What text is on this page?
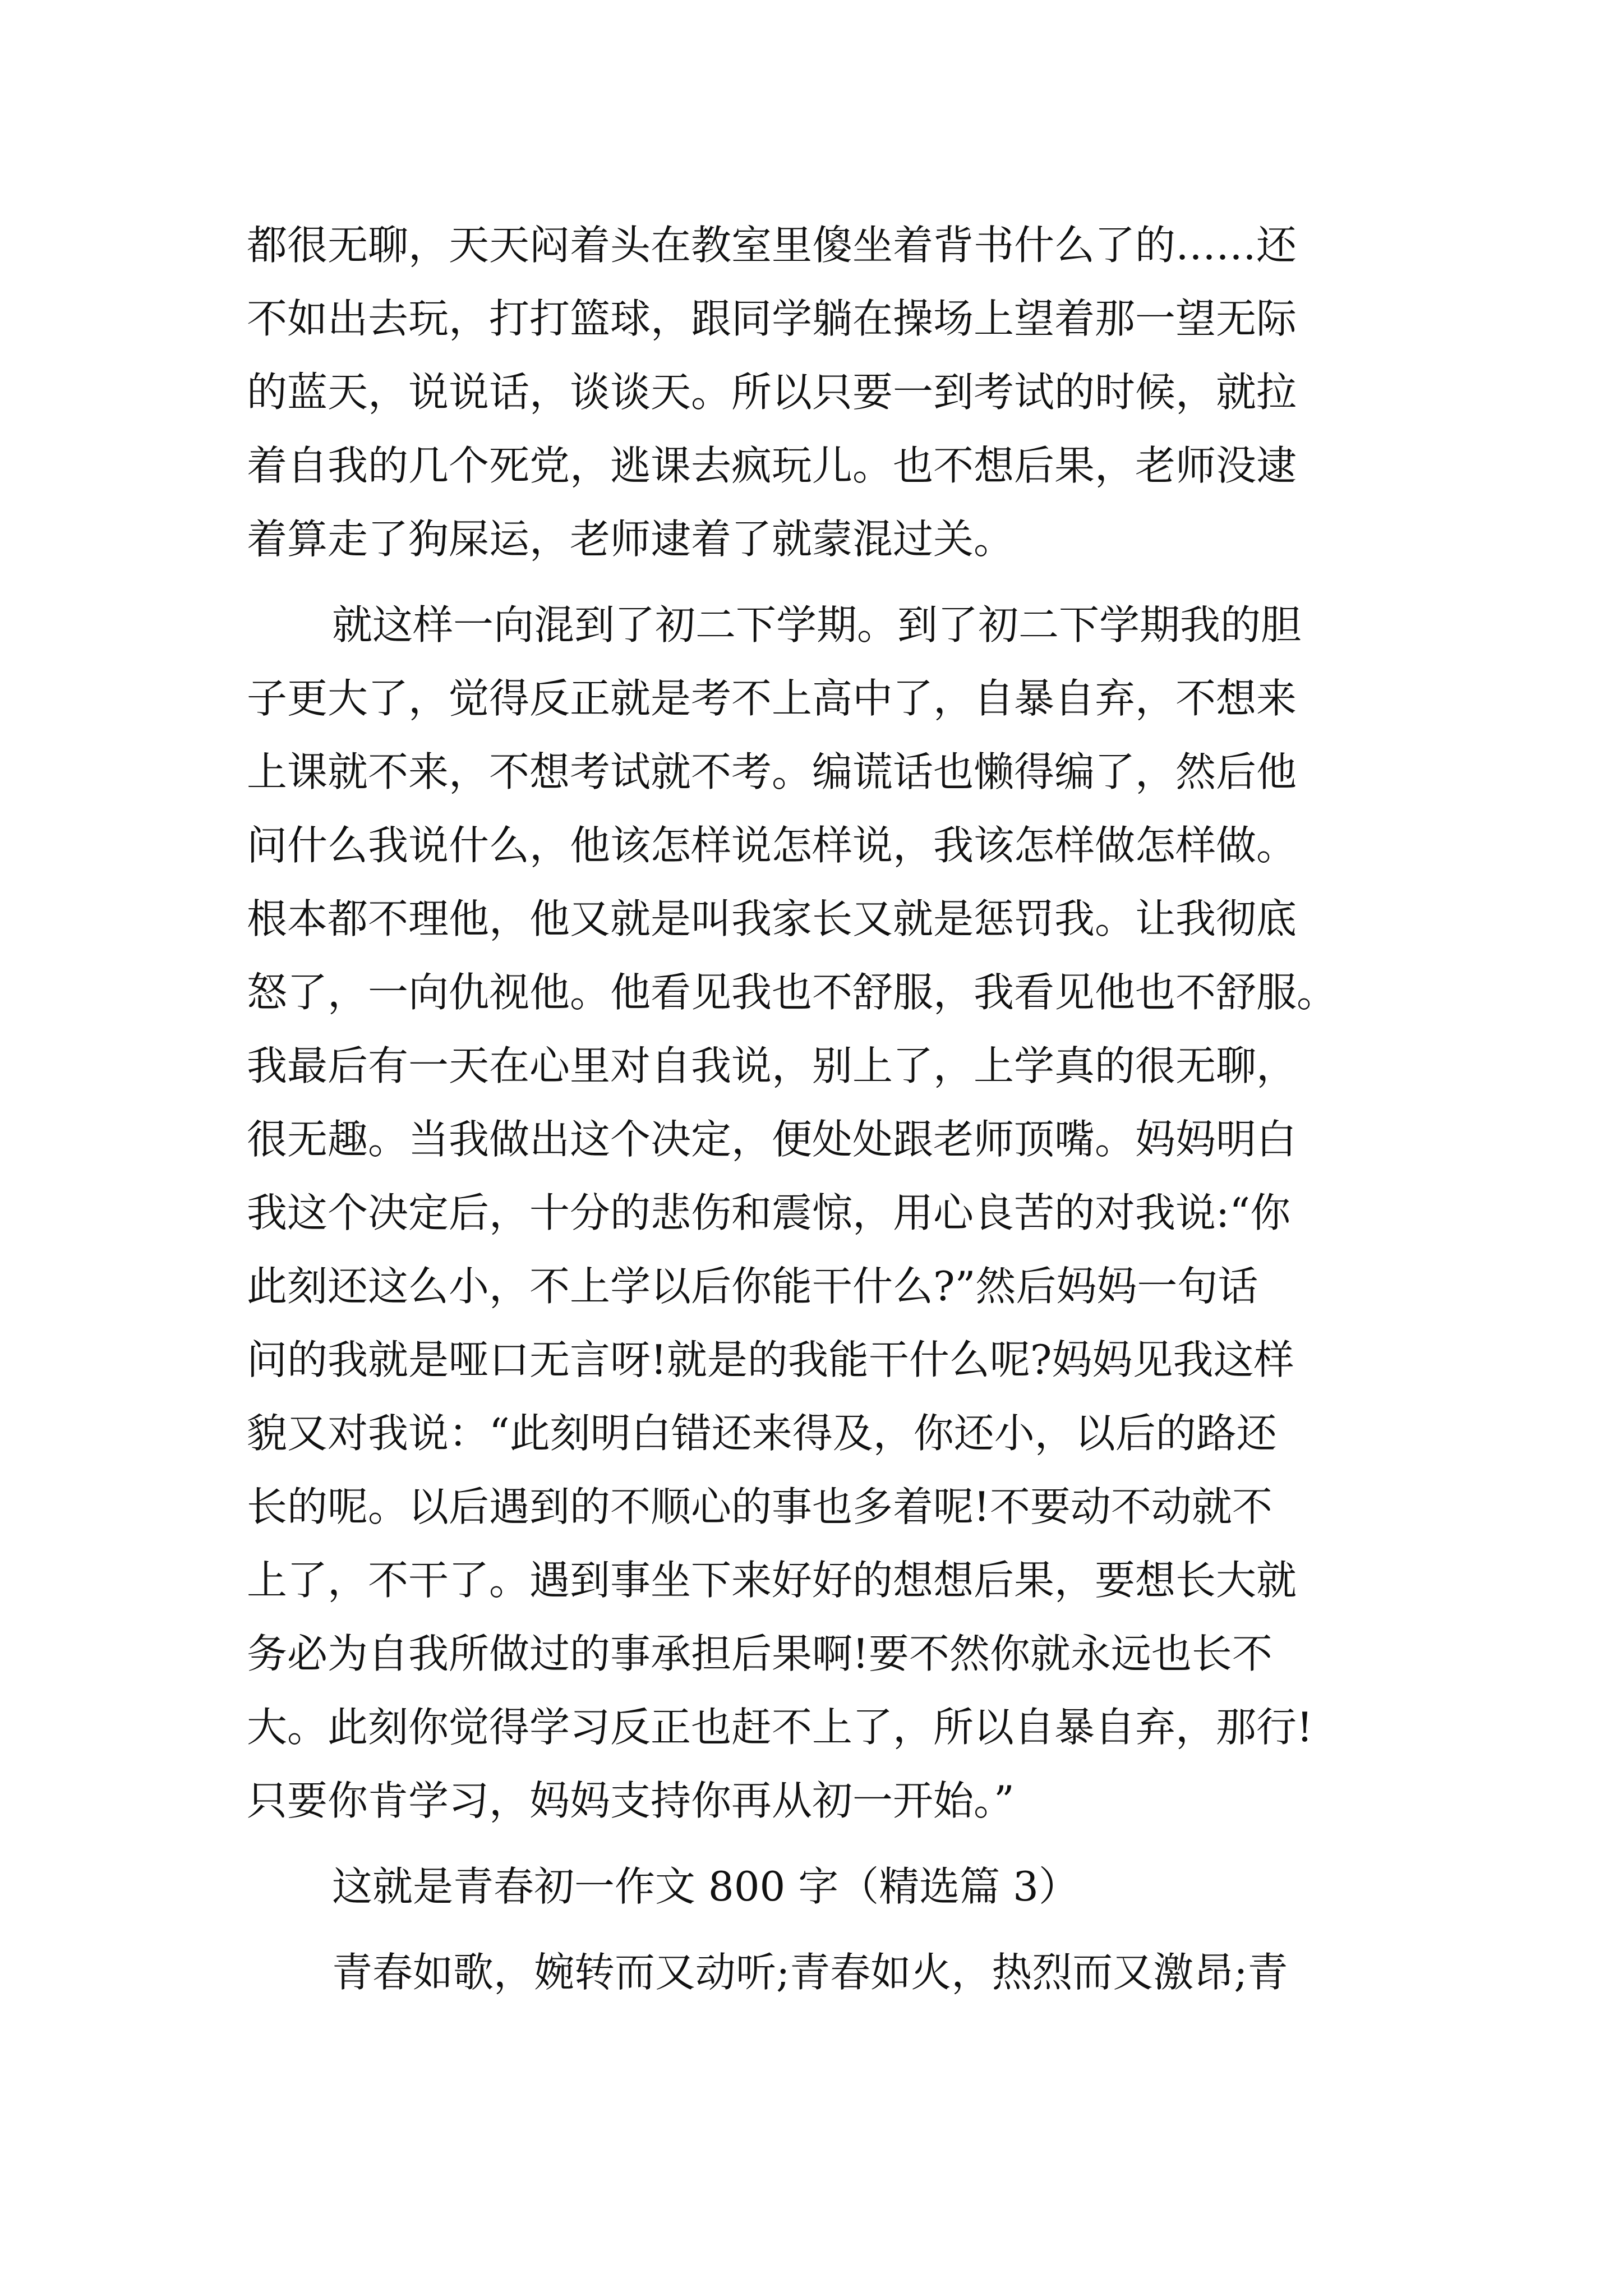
都很无聊，天天闷着头在教室里傻坐着背书什么了的……还
不如出去玩，打打篮球，跟同学躺在操场上望着那一望无际
的蓝天，说说话，谈谈天。所以只要一到考试的时候，就拉
着自我的几个死党，逃课去疯玩儿。也不想后果，老师没逮
着算走了狗屎运，老师逮着了就蒙混过关。
就这样一向混到了初二下学期。到了初二下学期我的胆
子更大了，觉得反正就是考不上高中了，自暴自弃，不想来
上课就不来，不想考试就不考。编谎话也懒得编了，然后他
问什么我说什么，他该怎样说怎样说，我该怎样做怎样做。
根本都不理他，他又就是叫我家长又就是惩罚我。让我彻底
怒了，一向仇视他。他看见我也不舒服，我看见他也不舒服。
我最后有一天在心里对自我说，别上了，上学真的很无聊，
很无趣。当我做出这个决定，便处处跟老师顶嘴。妈妈明白
我这个决定后，十分的悲伤和震惊，用心良苦的对我说:“你
此刻还这么小，不上学以后你能干什么?”然后妈妈一句话
问的我就是哑口无言呀!就是的我能干什么呢?妈妈见我这样
貌又对我说：“此刻明白错还来得及，你还小，以后的路还
长的呢。以后遇到的不顺心的事也多着呢!不要动不动就不
上了，不干了。遇到事坐下来好好的想想后果，要想长大就
务必为自我所做过的事承担后果啊!要不然你就永远也长不
大。此刻你觉得学习反正也赶不上了，所以自暴自弃，那行!
只要你肯学习，妈妈支持你再从初一开始。”
这就是青春初一作文 800 字（精选篇 3）
青春如歌，婉转而又动听;青春如火，热烈而又激昂;青
